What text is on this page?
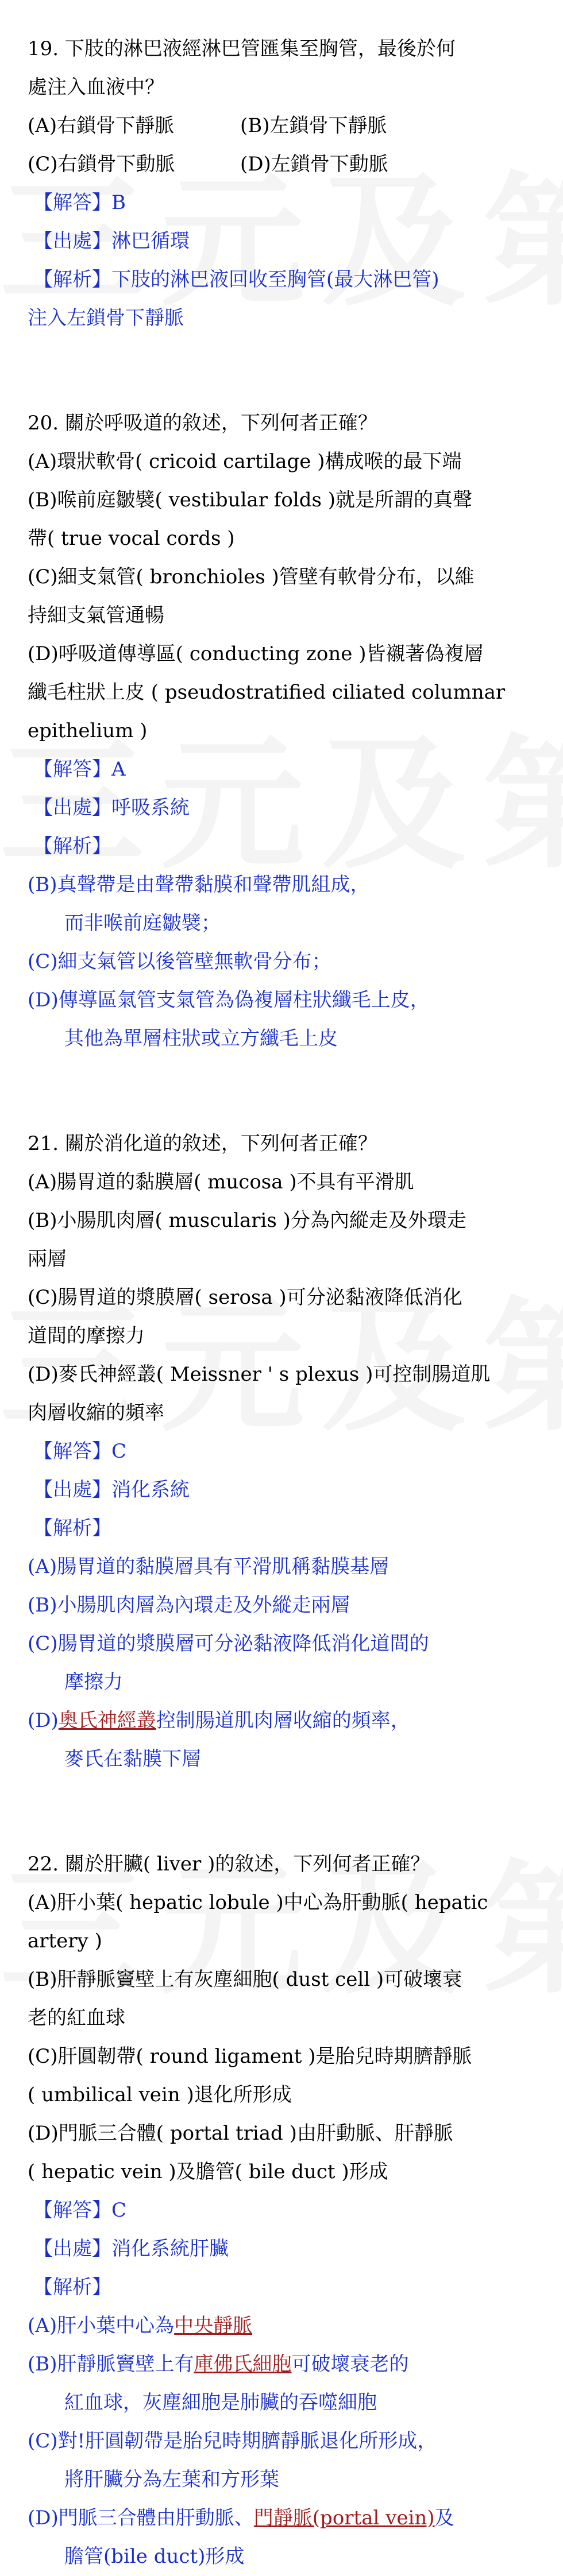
19. 下肢的淋巴液經淋巴管匯集至胸管，最後於何
處注入血液中？
(A)右鎖骨下靜脈	(B)左鎖骨下靜脈
(C)右鎖骨下動脈	(D)左鎖骨下動脈
【解答】B
【出處】淋巴循環
【解析】下肢的淋巴液回收至胸管(最大淋巴管)
注入左鎖骨下靜脈
20. 關於呼吸道的敘述，下列何者正確？
(A)環狀軟骨( cricoid cartilage )構成喉的最下端
(B)喉前庭皺襞( vestibular folds )就是所謂的真聲
帶( true vocal cords )
(C)細支氣管( bronchioles )管壁有軟骨分布，以維
持細支氣管通暢
(D)呼吸道傳導區( conducting zone )皆襯著偽複層
纖毛柱狀上皮 ( pseudostratified ciliated columnar
epithelium )
【解答】A
【出處】呼吸系統
【解析】
(B)真聲帶是由聲帶黏膜和聲帶肌組成，
而非喉前庭皺襞；
(C)細支氣管以後管壁無軟骨分布；
(D)傳導區氣管支氣管為偽複層柱狀纖毛上皮，
其他為單層柱狀或立方纖毛上皮
21. 關於消化道的敘述，下列何者正確？
(A)腸胃道的黏膜層( mucosa )不具有平滑肌
(B)小腸肌肉層( muscularis )分為內縱走及外環走
兩層
(C)腸胃道的漿膜層( serosa )可分泌黏液降低消化
道間的摩擦力
(D)麥氏神經叢( Meissner ' s plexus )可控制腸道肌
肉層收縮的頻率
【解答】C
【出處】消化系統
【解析】
(A)腸胃道的黏膜層具有平滑肌稱黏膜基層
(B)小腸肌肉層為內環走及外縱走兩層
(C)腸胃道的漿膜層可分泌黏液降低消化道間的
摩擦力
(D)奧氏神經叢控制腸道肌肉層收縮的頻率，
麥氏在黏膜下層
22. 關於肝臟( liver )的敘述，下列何者正確？
(A)肝小葉( hepatic lobule )中心為肝動脈( hepatic
artery )
(B)肝靜脈竇壁上有灰塵細胞( dust cell )可破壞衰
老的紅血球
(C)肝圓韌帶( round ligament )是胎兒時期臍靜脈
( umbilical vein )退化所形成
(D)門脈三合體( portal triad )由肝動脈、肝靜脈
( hepatic vein )及膽管( bile duct )形成
【解答】C
【出處】消化系統肝臟
【解析】
(A)肝小葉中心為中央靜脈
(B)肝靜脈竇壁上有庫佛氏細胞可破壞衰老的
紅血球，灰塵細胞是肺臟的吞噬細胞
(C)對!肝圓韌帶是胎兒時期臍靜脈退化所形成，
將肝臟分為左葉和方形葉
(D)門脈三合體由肝動脈、門靜脈(portal vein)及
膽管(bile duct)形成
